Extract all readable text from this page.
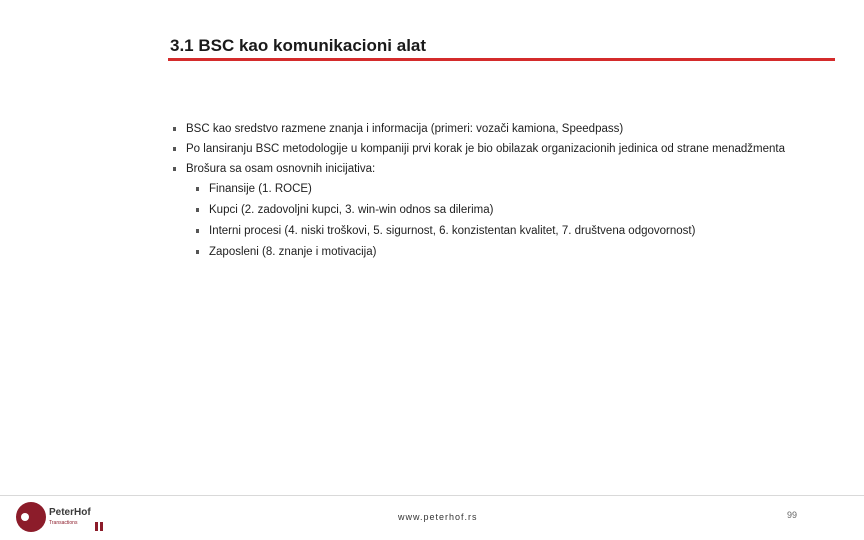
3.1 BSC kao komunikacioni alat
BSC kao sredstvo razmene znanja i informacija (primeri: vozači kamiona, Speedpass)
Po lansiranju BSC metodologije u kompaniji prvi korak je bio obilazak organizacionih jedinica od strane menadžmenta
Brošura sa osam osnovnih inicijativa:
Finansije (1. ROCE)
Kupci (2. zadovoljni kupci, 3. win-win odnos sa dilerima)
Interni procesi (4. niski troškovi, 5. sigurnost, 6. konzistentan kvalitet, 7. društvena odgovornost)
Zaposleni (8. znanje i motivacija)
PeterHof
Transactions
www.peterhof.rs	99
